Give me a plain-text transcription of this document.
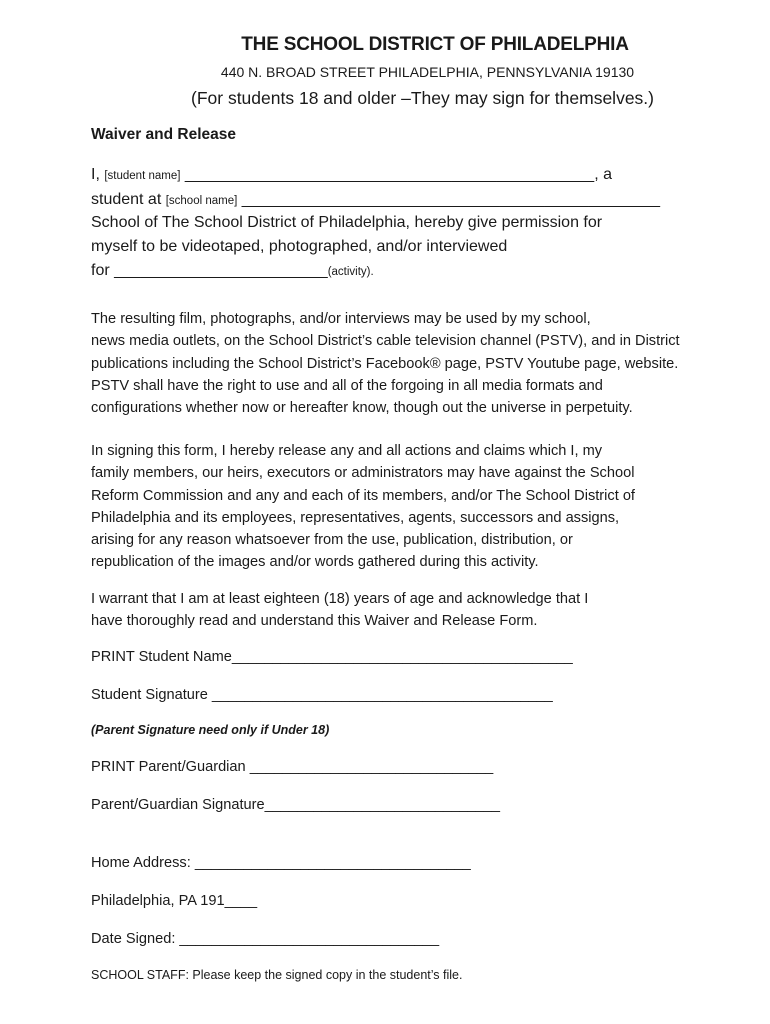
THE SCHOOL DISTRICT OF PHILADELPHIA
440 N. BROAD STREET PHILADELPHIA, PENNSYLVANIA 19130
(For students 18 and older –They may sign for themselves.)
Waiver and Release
I, [student name] ______________________________________________, a
student at [school name] _______________________________________________
School of The School District of Philadelphia, hereby give permission for
myself to be videotaped, photographed, and/or interviewed
for ________________________(activity).
The resulting film, photographs, and/or interviews may be used by my school,
news media outlets, on the School District’s cable television channel (PSTV), and in District
publications including the School District’s Facebook® page, PSTV Youtube page, website.
PSTV shall have the right to use and all of the forgoing in all media formats and
configurations whether now or hereafter know, though out the universe in perpetuity.
In signing this form, I hereby release any and all actions and claims which I, my
family members, our heirs, executors or administrators may have against the School
Reform Commission and any and each of its members, and/or The School District of
Philadelphia and its employees, representatives, agents, successors and assigns,
arising for any reason whatsoever from the use, publication, distribution, or
republication of the images and/or words gathered during this activity.
I warrant that I am at least eighteen (18) years of age and acknowledge that I
have thoroughly read and understand this Waiver and Release Form.
PRINT Student Name__________________________________________
Student Signature __________________________________________
(Parent Signature need only if Under 18)
PRINT Parent/Guardian ______________________________
Parent/Guardian Signature_____________________________
Home Address: __________________________________
Philadelphia, PA 191____
Date Signed: ________________________________
SCHOOL STAFF: Please keep the signed copy in the student’s file.
